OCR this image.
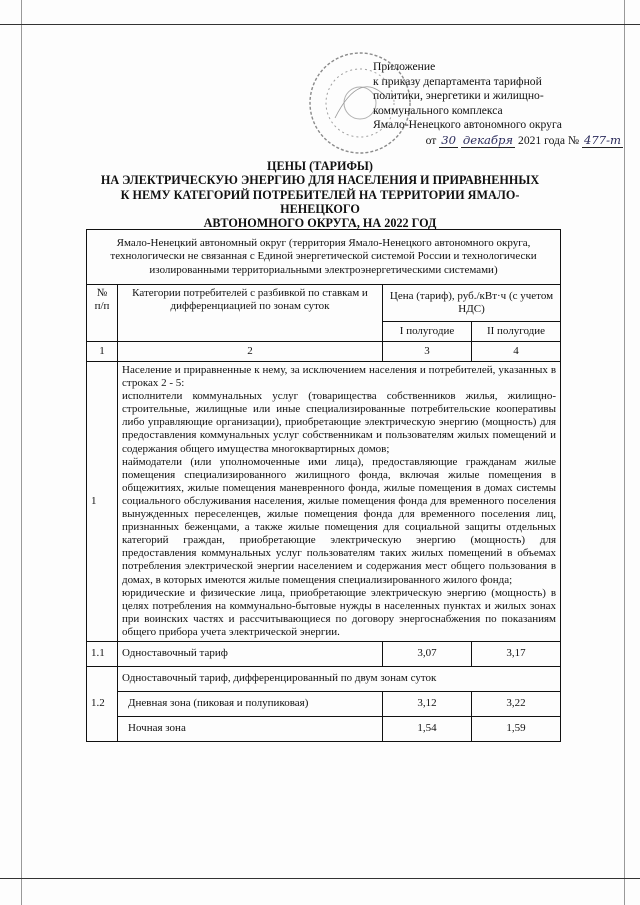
Приложение
к приказу департамента тарифной
политики, энергетики и жилищно-
коммунального комплекса
Ямало-Ненецкого автономного округа
от 30 декабря 2021 года № 477-т
ЦЕНЫ (ТАРИФЫ)
НА ЭЛЕКТРИЧЕСКУЮ ЭНЕРГИЮ ДЛЯ НАСЕЛЕНИЯ И ПРИРАВНЕННЫХ
К НЕМУ КАТЕГОРИЙ ПОТРЕБИТЕЛЕЙ НА ТЕРРИТОРИИ ЯМАЛО-НЕНЕЦКОГО
АВТОНОМНОГО ОКРУГА, НА 2022 ГОД
Ямало-Ненецкий автономный округ (территория Ямало-Ненецкого автономного округа, технологически не связанная с Единой энергетической системой России и технологически изолированными территориальными электроэнергетическими системами)			
№ п/п	Категории потребителей с разбивкой по ставкам и дифференциацией по зонам суток	Цена (тариф), руб./кВт·ч (с учетом НДС)	
		I полугодие	II полугодие
1	2	3	4
1	Население и приравненные к нему, за исключением населения и потребителей, указанных в строках 2 - 5:
исполнители коммунальных услуг (товарищества собственников жилья, жилищно-строительные, жилищные или иные специализированные потребительские кооперативы либо управляющие организации), приобретающие электрическую энергию (мощность) для предоставления коммунальных услуг собственникам и пользователям жилых помещений и содержания общего имущества многоквартирных домов;
наймодатели (или уполномоченные ими лица), предоставляющие гражданам жилые помещения специализированного жилищного фонда, включая жилые помещения в общежитиях, жилые помещения маневренного фонда, жилые помещения в домах системы социального обслуживания населения, жилые помещения фонда для временного поселения вынужденных переселенцев, жилые помещения фонда для временного поселения лиц, признанных беженцами, а также жилые помещения для социальной защиты отдельных категорий граждан, приобретающие электрическую энергию (мощность) для предоставления коммунальных услуг пользователям таких жилых помещений в объемах потребления электрической энергии населением и содержания мест общего пользования в домах, в которых имеются жилые помещения специализированного жилого фонда;
юридические и физические лица, приобретающие электрическую энергию (мощность) в целях потребления на коммунально-бытовые нужды в населенных пунктах и жилых зонах при воинских частях и рассчитывающиеся по договору энергоснабжения по показаниям общего прибора учета электрической энергии.		

1.1	Одноставочный тариф	3,07	3,17
1.2	Одноставочный тариф, дифференцированный по двум зонам суток		
	Дневная зона (пиковая и полупиковая)	3,12	3,22
	Ночная зона	1,54	1,59
